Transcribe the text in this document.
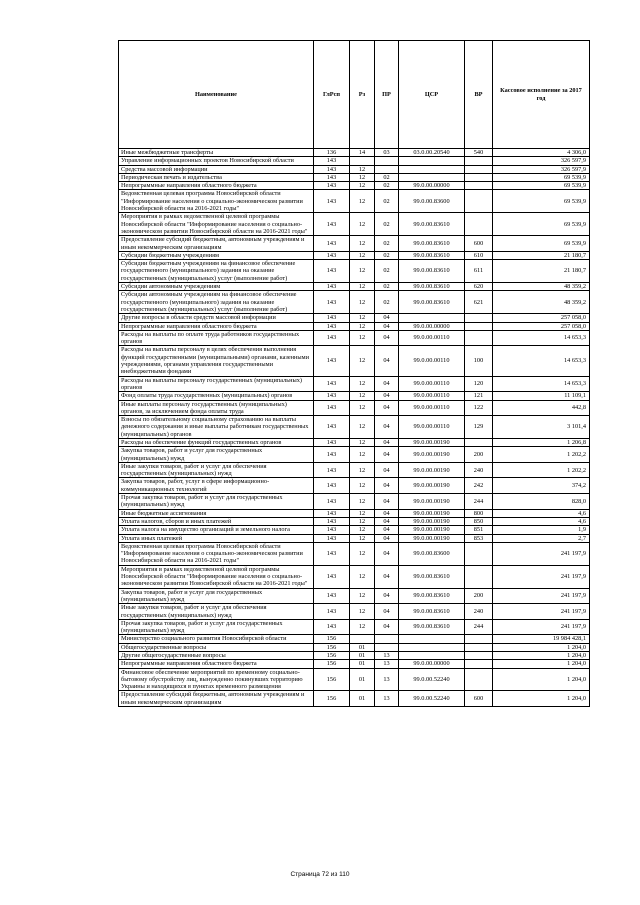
Наименование	ГлРсп	Рз	ПР	ЦСР	ВР	Кассовое исполнение за 2017 год
Иные межбюджетные трансферты	136	14	03	03.0.00.20540	540	4 306,0
Управление информационных проектов Новосибирской области	143					326 597,9
Средства массовой информации	143	12				326 597,9
Периодическая печать и издательства	143	12	02			69 539,9
Непрограммные направления областного бюджета	143	12	02	99.0.00.00000		69 539,9
Ведомственная целевая программа Новосибирской области "Информирование населения о социально-экономическом развитии Новосибирской области на 2016-2021 годы"	143	12	02	99.0.00.83600		69 539,9
Мероприятия в рамках ведомственной целевой программы Новосибирской области "Информирование населения о социально-экономическом развитии Новосибирской области на 2016-2021 годы"	143	12	02	99.0.00.83610		69 539,9
Предоставление субсидий бюджетным, автономным учреждениям и иным некоммерческим организациям	143	12	02	99.0.00.83610	600	69 539,9
Субсидии бюджетным учреждениям	143	12	02	99.0.00.83610	610	21 180,7
Субсидии бюджетным учреждениям на финансовое обеспечение государственного (муниципального) задания на оказание государственных (муниципальных) услуг (выполнение работ)	143	12	02	99.0.00.83610	611	21 180,7
Субсидии автономным учреждениям	143	12	02	99.0.00.83610	620	48 359,2
Субсидии автономным учреждениям на финансовое обеспечение государственного (муниципального) задания на оказание государственных (муниципальных) услуг (выполнение работ)	143	12	02	99.0.00.83610	621	48 359,2
Другие вопросы в области средств массовой информации	143	12	04			257 058,0
Непрограммные направления областного бюджета	143	12	04	99.0.00.00000		257 058,0
Расходы на выплаты по оплате труда работников государственных органов	143	12	04	99.0.00.00110		14 653,3
Расходы на выплаты персоналу в целях обеспечения выполнения функций государственными (муниципальными) органами, казенными учреждениями, органами управления государственными внебюджетными фондами	143	12	04	99.0.00.00110	100	14 653,3
Расходы на выплаты персоналу государственных (муниципальных) органов	143	12	04	99.0.00.00110	120	14 653,3
Фонд оплаты труда государственных (муниципальных) органов	143	12	04	99.0.00.00110	121	11 109,1
Иные выплаты персоналу государственных (муниципальных) органов, за исключением фонда оплаты труда	143	12	04	99.0.00.00110	122	442,8
Взносы по обязательному социальному страхованию на выплаты денежного содержания и иные выплаты работникам государственных (муниципальных) органов	143	12	04	99.0.00.00110	129	3 101,4
Расходы на обеспечение функций государственных органов	143	12	04	99.0.00.00190		1 206,8
Закупка товаров, работ и услуг для государственных (муниципальных) нужд	143	12	04	99.0.00.00190	200	1 202,2
Иные закупки товаров, работ и услуг для обеспечения государственных (муниципальных) нужд	143	12	04	99.0.00.00190	240	1 202,2
Закупка товаров, работ, услуг в сфере информационно-коммуникационных технологий	143	12	04	99.0.00.00190	242	374,2
Прочая закупка товаров, работ и услуг для государственных (муниципальных) нужд	143	12	04	99.0.00.00190	244	828,0
Иные бюджетные ассигнования	143	12	04	99.0.00.00190	800	4,6
Уплата налогов, сборов и иных платежей	143	12	04	99.0.00.00190	850	4,6
Уплата налога на имущество организаций и земельного налога	143	12	04	99.0.00.00190	851	1,9
Уплата иных платежей	143	12	04	99.0.00.00190	853	2,7
Ведомственная целевая программа Новосибирской области "Информирование населения о социально-экономическом развитии Новосибирской области на 2016-2021 годы"	143	12	04	99.0.00.83600		241 197,9
Мероприятия в рамках ведомственной целевой программы Новосибирской области "Информирование населения о социально-экономическом развитии Новосибирской области на 2016-2021 годы"	143	12	04	99.0.00.83610		241 197,9
Закупка товаров, работ и услуг для государственных (муниципальных) нужд	143	12	04	99.0.00.83610	200	241 197,9
Иные закупки товаров, работ и услуг для обеспечения государственных (муниципальных) нужд	143	12	04	99.0.00.83610	240	241 197,9
Прочая закупка товаров, работ и услуг для государственных (муниципальных) нужд	143	12	04	99.0.00.83610	244	241 197,9
Министерство социального развития Новосибирской области	156					19 984 428,1
Общегосударственные вопросы	156	01				1 204,0
Другие общегосударственные вопросы	156	01	13			1 204,0
Непрограммные направления областного бюджета	156	01	13	99.0.00.00000		1 204,0
Финансовое обеспечение мероприятий по временному социально-бытовому обустройству лиц, вынужденно покинувших территорию Украины и находящихся в пунктах временного размещения	156	01	13	99.0.00.52240		1 204,0
Предоставление субсидий бюджетным, автономным учреждениям и иным некоммерческим организациям	156	01	13	99.0.00.52240	600	1 204,0
Страница 72 из 110
